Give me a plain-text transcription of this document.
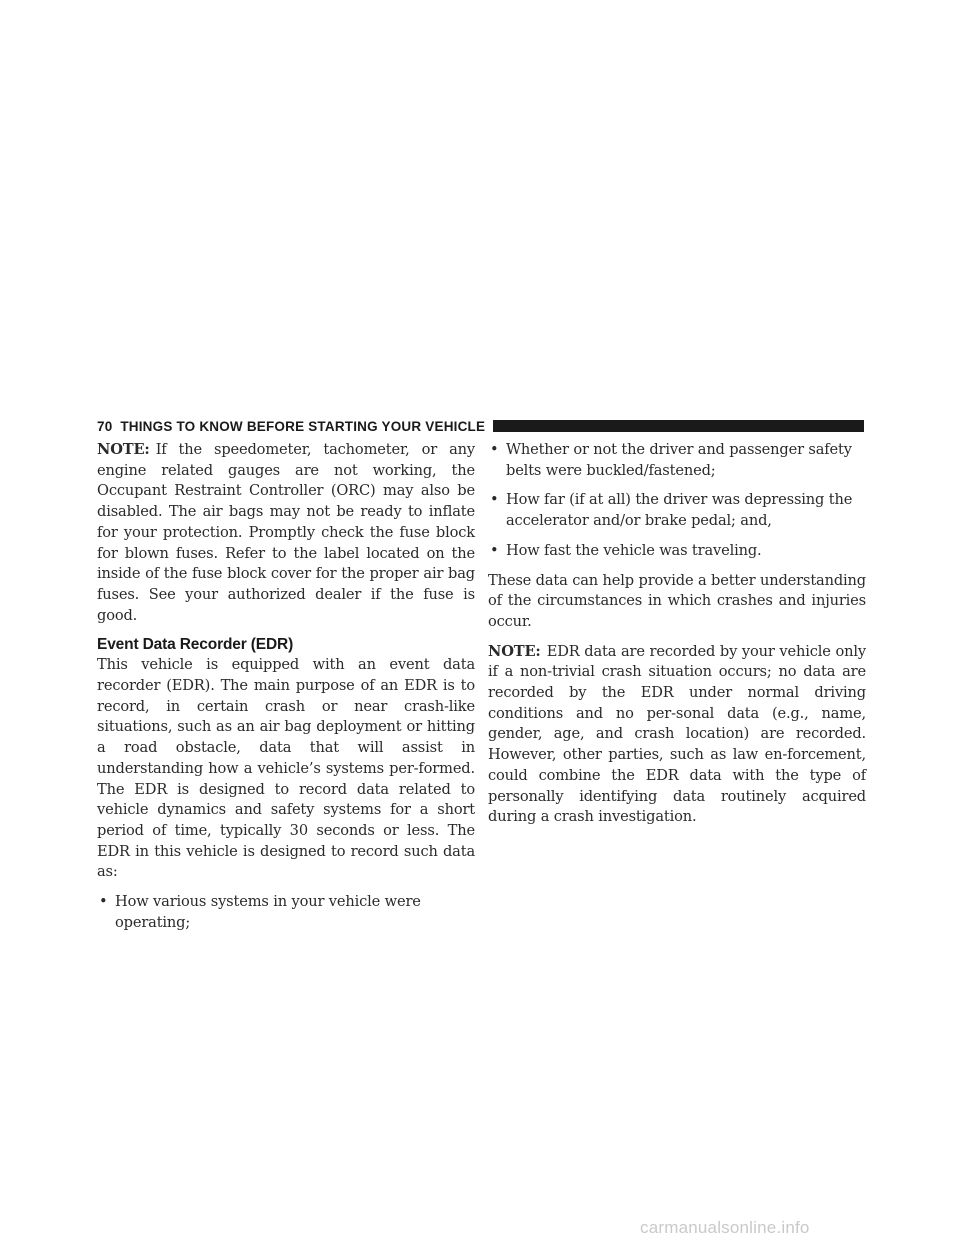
70 THINGS TO KNOW BEFORE STARTING YOUR VEHICLE

NOTE: If the speedometer, tachometer, or any engine related gauges are not working, the Occupant Restraint Controller (ORC) may also be disabled. The air bags may not be ready to inflate for your protection. Promptly check the fuse block for blown fuses. Refer to the label located on the inside of the fuse block cover for the proper air bag fuses. See your authorized dealer if the fuse is good.

Event Data Recorder (EDR)

This vehicle is equipped with an event data recorder (EDR). The main purpose of an EDR is to record, in certain crash or near crash-like situations, such as an air bag deployment or hitting a road obstacle, data that will assist in understanding how a vehicle’s systems per-formed. The EDR is designed to record data related to vehicle dynamics and safety systems for a short period of time, typically 30 seconds or less. The EDR in this vehicle is designed to record such data as:

• How various systems in your vehicle were operating;
• Whether or not the driver and passenger safety belts were buckled/fastened;
• How far (if at all) the driver was depressing the accelerator and/or brake pedal; and,
• How fast the vehicle was traveling.

These data can help provide a better understanding of the circumstances in which crashes and injuries occur.

NOTE: EDR data are recorded by your vehicle only if a non-trivial crash situation occurs; no data are recorded by the EDR under normal driving conditions and no per-sonal data (e.g., name, gender, age, and crash location) are recorded. However, other parties, such as law en-forcement, could combine the EDR data with the type of personally identifying data routinely acquired during a crash investigation.

carmanualsonline.info
